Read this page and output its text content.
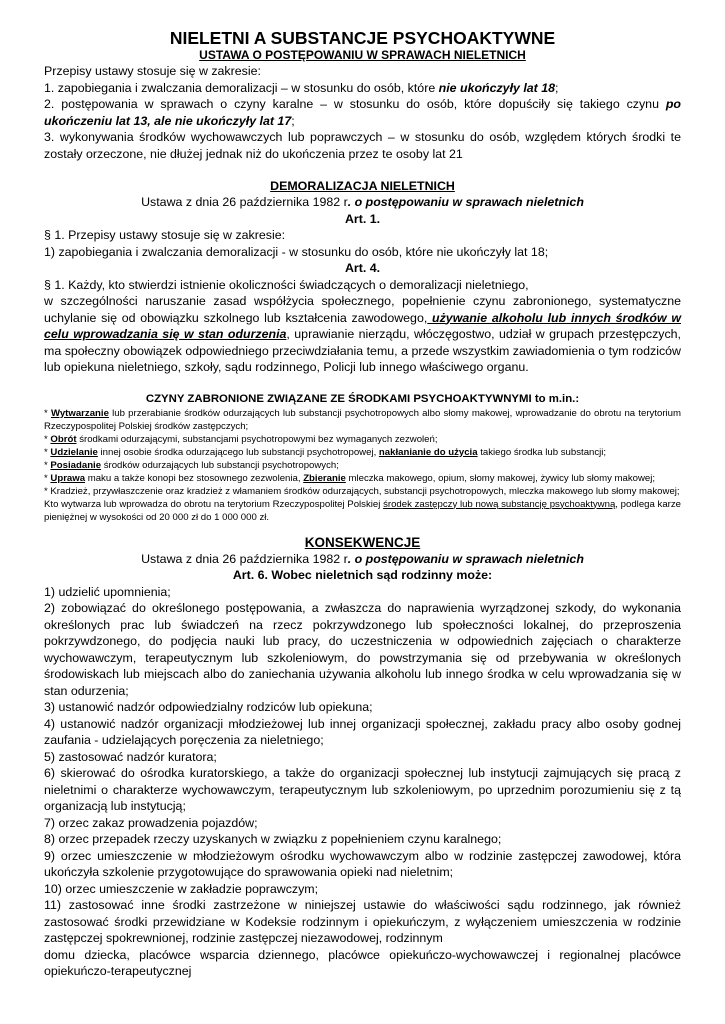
NIELETNI A SUBSTANCJE PSYCHOAKTYWNE
USTAWA O POSTĘPOWANIU W SPRAWACH NIELETNICH
Przepisy ustawy stosuje się w zakresie:
1. zapobiegania i zwalczania demoralizacji – w stosunku do osób, które nie ukończyły lat 18;
2. postępowania w sprawach o czyny karalne – w stosunku do osób, które dopuściły się takiego czynu po ukończeniu lat 13, ale nie ukończyły lat 17;
3. wykonywania środków wychowawczych lub poprawczych – w stosunku do osób, względem których środki te zostały orzeczone, nie dłużej jednak niż do ukończenia przez te osoby lat 21
DEMORALIZACJA NIELETNICH
Ustawa z dnia 26 października 1982 r. o postępowaniu w sprawach nieletnich
Art. 1.
§ 1. Przepisy ustawy stosuje się w zakresie:
1) zapobiegania i zwalczania demoralizacji - w stosunku do osób, które nie ukończyły lat 18;
Art. 4.
§ 1. Każdy, kto stwierdzi istnienie okoliczności świadczących o demoralizacji nieletniego,
w szczególności naruszanie zasad współżycia społecznego, popełnienie czynu zabronionego, systematyczne uchylanie się od obowiązku szkolnego lub kształcenia zawodowego, używanie alkoholu lub innych środków w celu wprowadzania się w stan odurzenia, uprawianie nierządu, włóczęgostwo, udział w grupach przestępczych, ma społeczny obowiązek odpowiedniego przeciwdziałania temu, a przede wszystkim zawiadomienia o tym rodziców lub opiekuna nieletniego, szkoły, sądu rodzinnego, Policji lub innego właściwego organu.
CZYNY ZABRONIONE ZWIĄZANE ZE ŚRODKAMI PSYCHOAKTYWNYMI to m.in.:
* Wytwarzanie lub przerabianie środków odurzających lub substancji psychotropowych albo słomy makowej, wprowadzanie do obrotu na terytorium Rzeczypospolitej Polskiej środków zastępczych;
* Obrót środkami odurzającymi, substancjami psychotropowymi bez wymaganych zezwoleń;
* Udzielanie innej osobie środka odurzającego lub substancji psychotropowej, nakłanianie do użycia takiego środka lub substancji;
* Posiadanie środków odurzających lub substancji psychotropowych;
* Uprawa maku a także konopi bez stosownego zezwolenia, Zbieranie mleczka makowego, opium, słomy makowej, żywicy lub słomy makowej;
* Kradzież, przywłaszczenie oraz kradzież z włamaniem środków odurzających, substancji psychotropowych, mleczka makowego lub słomy makowej;
Kto wytwarza lub wprowadza do obrotu na terytorium Rzeczypospolitej Polskiej środek zastępczy lub nową substancję psychoaktywną, podlega karze pieniężnej w wysokości od 20 000 zł do 1 000 000 zł.
KONSEKWENCJE
Ustawa z dnia 26 października 1982 r. o postępowaniu w sprawach nieletnich
Art. 6. Wobec nieletnich sąd rodzinny może:
1) udzielić upomnienia;
2) zobowiązać do określonego postępowania, a zwłaszcza do naprawienia wyrządzonej szkody, do wykonania określonych prac lub świadczeń na rzecz pokrzywdzonego lub społeczności lokalnej, do przeproszenia pokrzywdzonego, do podjęcia nauki lub pracy, do uczestniczenia w odpowiednich zajęciach o charakterze wychowawczym, terapeutycznym lub szkoleniowym, do powstrzymania się od przebywania w określonych środowiskach lub miejscach albo do zaniechania używania alkoholu lub innego środka w celu wprowadzania się w stan odurzenia;
3) ustanowić nadzór odpowiedzialny rodziców lub opiekuna;
4) ustanowić nadzór organizacji młodzieżowej lub innej organizacji społecznej, zakładu pracy albo osoby godnej zaufania - udzielających poręczenia za nieletniego;
5) zastosować nadzór kuratora;
6) skierować do ośrodka kuratorskiego, a także do organizacji społecznej lub instytucji zajmujących się pracą z nieletnimi o charakterze wychowawczym, terapeutycznym lub szkoleniowym, po uprzednim porozumieniu się z tą organizacją lub instytucją;
7) orzec zakaz prowadzenia pojazdów;
8) orzec przepadek rzeczy uzyskanych w związku z popełnieniem czynu karalnego;
9) orzec umieszczenie w młodzieżowym ośrodku wychowawczym albo w rodzinie zastępczej zawodowej, która ukończyła szkolenie przygotowujące do sprawowania opieki nad nieletnim;
10) orzec umieszczenie w zakładzie poprawczym;
11) zastosować inne środki zastrzeżone w niniejszej ustawie do właściwości sądu rodzinnego, jak również zastosować środki przewidziane w Kodeksie rodzinnym i opiekuńczym, z wyłączeniem umieszczenia w rodzinie zastępczej spokrewnionej, rodzinie zastępczej niezawodowej, rodzinnym
domu dziecka, placówce wsparcia dziennego, placówce opiekuńczo-wychowawczej i regionalnej placówce opiekuńczo-terapeutycznej
